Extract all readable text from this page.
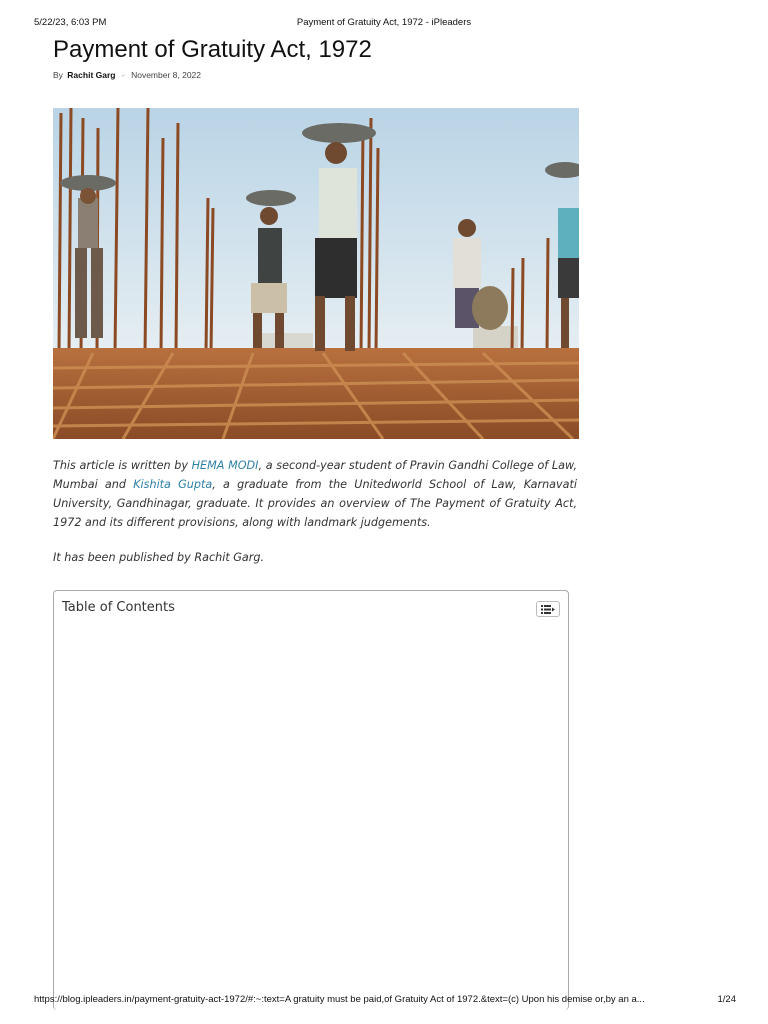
5/22/23, 6:03 PM	Payment of Gratuity Act, 1972 - iPleaders
Payment of Gratuity Act, 1972
By Rachit Garg - November 8, 2022

This article is written by HEMA MODI, a second-year student of Pravin Gandhi College of Law, Mumbai and Kishita Gupta, a graduate from the Unitedworld School of Law, Karnavati University, Gandhinagar, graduate. It provides an overview of The Payment of Gratuity Act, 1972 and its different provisions, along with landmark judgements.

It has been published by Rachit Garg.

Table of Contents
https://blog.ipleaders.in/payment-gratuity-act-1972/#:~:text=A gratuity must be paid,of Gratuity Act of 1972.&text=(c) Upon his demise or,by an a...	1/24
